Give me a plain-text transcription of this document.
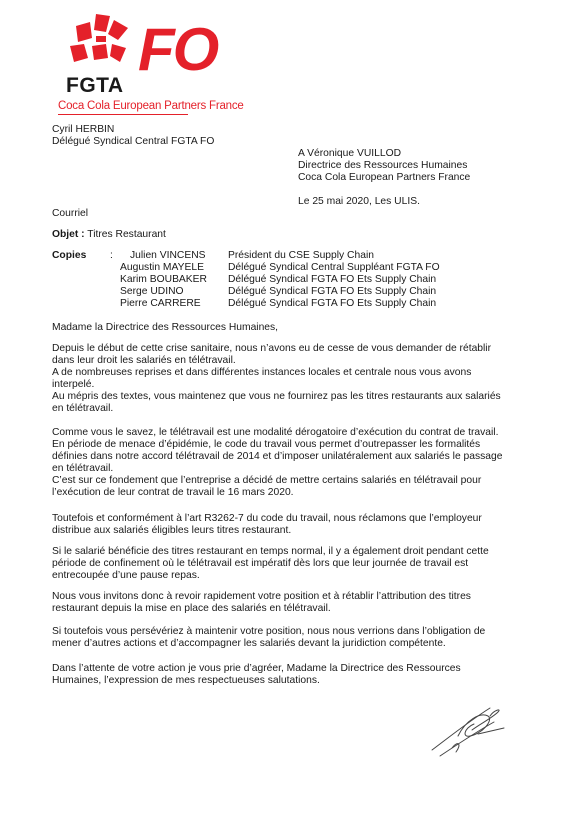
FGTA
FO
Coca Cola European Partners France
Cyril HERBIN
Délégué Syndical Central FGTA FO
A Véronique VUILLOD
Directrice des Ressources Humaines
Coca Cola European Partners France
Le 25 mai 2020, Les ULIS.
Courriel
Objet : Titres Restaurant
Copies : Julien VINCENS Président du CSE Supply Chain
Augustin MAYELE Délégué Syndical Central Suppléant FGTA FO
Karim BOUBAKER Délégué Syndical FGTA FO Ets Supply Chain
Serge UDINO	Délégué Syndical FGTA FO Ets Supply Chain
Pierre CARRERE	Délégué Syndical FGTA FO Ets Supply Chain
Madame la Directrice des Ressources Humaines,
Depuis le début de cette crise sanitaire, nous n’avons eu de cesse de vous demander de rétablir
dans leur droit les salariés en télétravail.
A de nombreuses reprises et dans différentes instances locales et centrale nous vous avons
interpelé.
Au mépris des textes, vous maintenez que vous ne fournirez pas les titres restaurants aux salariés
en télétravail.
Comme vous le savez, le télétravail est une modalité dérogatoire d’exécution du contrat de travail.
En période de menace d’épidémie, le code du travail vous permet d’outrepasser les formalités
définies dans notre accord télétravail de 2014 et d’imposer unilatéralement aux salariés le passage
en télétravail.
C’est sur ce fondement que l’entreprise a décidé de mettre certains salariés en télétravail pour
l’exécution de leur contrat de travail le 16 mars 2020.
Toutefois et conformément à l’art R3262-7 du code du travail, nous réclamons que l’employeur
distribue aux salariés éligibles leurs titres restaurant.
Si le salarié bénéficie des titres restaurant en temps normal, il y a également droit pendant cette
période de confinement où le télétravail est impératif dès lors que leur journée de travail est
entrecoupée d’une pause repas.
Nous vous invitons donc à revoir rapidement votre position et à rétablir l’attribution des titres
restaurant depuis la mise en place des salariés en télétravail.
Si toutefois vous persévériez à maintenir votre position, nous nous verrions dans l’obligation de
mener d’autres actions et d’accompagner les salariés devant la juridiction compétente.
Dans l’attente de votre action je vous prie d’agréer, Madame la Directrice des Ressources
Humaines, l’expression de mes respectueuses salutations.
